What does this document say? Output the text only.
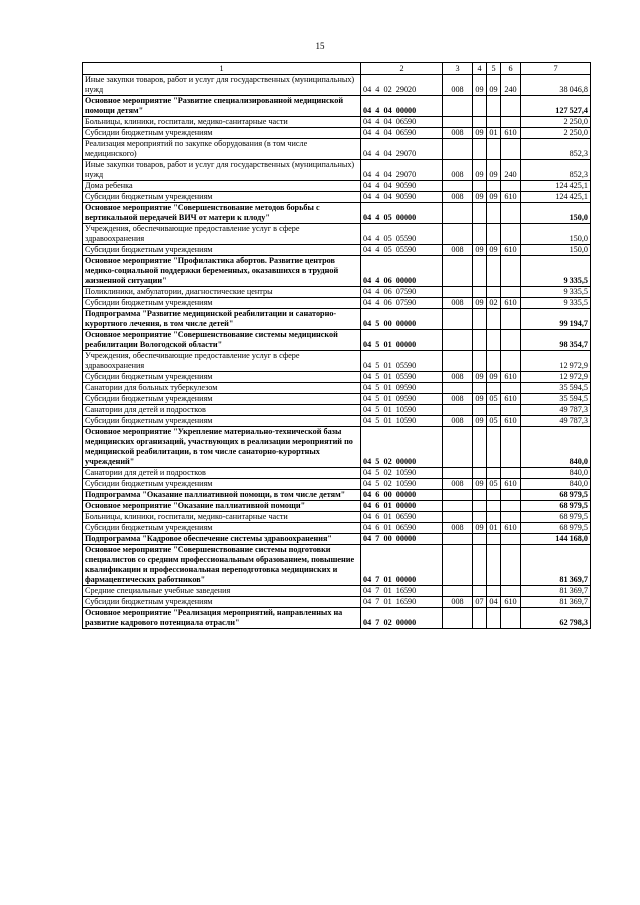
15
1	2	3	4	5	6	7
Иные закупки товаров, работ и услуг для государственных (муниципальных) нужд	04  4  02  29020	008	09	09	240	38 046,8
Основное мероприятие "Развитие специализированной медицинской помощи детям"	04  4  04  00000					127 527,4
Больницы, клиники, госпитали, медико-санитарные части	04  4  04  06590					2 250,0
Субсидии бюджетным учреждениям	04  4  04  06590	008	09	01	610	2 250,0
Реализация мероприятий по закупке оборудования (в том числе медицинского)	04  4  04  29070					852,3
Иные закупки товаров, работ и услуг для государственных (муниципальных) нужд	04  4  04  29070	008	09	09	240	852,3
Дома ребенка	04  4  04  90590					124 425,1
Субсидии бюджетным учреждениям	04  4  04  90590	008	09	09	610	124 425,1
Основное мероприятие "Совершенствование методов борьбы с вертикальной передачей ВИЧ от матери к плоду"	04  4  05  00000					150,0
Учреждения, обеспечивающие предоставление услуг в сфере здравоохранения	04  4  05  05590					150,0
Субсидии бюджетным учреждениям	04  4  05  05590	008	09	09	610	150,0
Основное мероприятие "Профилактика абортов. Развитие центров медико-социальной поддержки беременных, оказавшихся в трудной жизненной ситуации"	04  4  06  00000					9 335,5
Поликлиники, амбулатории, диагностические центры	04  4  06  07590					9 335,5
Субсидии бюджетным учреждениям	04  4  06  07590	008	09	02	610	9 335,5
Подпрограмма "Развитие медицинской реабилитации и санаторно-курортного лечения, в том числе детей"	04  5  00  00000					99 194,7
Основное мероприятие "Совершенствование системы медицинской реабилитации Вологодской области"	04  5  01  00000					98 354,7
Учреждения, обеспечивающие предоставление услуг в сфере здравоохранения	04  5  01  05590					12 972,9
Субсидии бюджетным учреждениям	04  5  01  05590	008	09	09	610	12 972,9
Санатории для больных туберкулезом	04  5  01  09590					35 594,5
Субсидии бюджетным учреждениям	04  5  01  09590	008	09	05	610	35 594,5
Санатории для детей и подростков	04  5  01  10590					49 787,3
Субсидии бюджетным учреждениям	04  5  01  10590	008	09	05	610	49 787,3
Основное мероприятие "Укрепление материально-технической базы медицинских организаций, участвующих в реализации мероприятий по медицинской реабилитации, в том числе санаторно-курортных учреждений"	04  5  02  00000					840,0
Санатории для детей и подростков	04  5  02  10590					840,0
Субсидии бюджетным учреждениям	04  5  02  10590	008	09	05	610	840,0
Подпрограмма "Оказание паллиативной помощи, в том числе детям"	04  6  00  00000					68 979,5
Основное мероприятие "Оказание паллиативной помощи"	04  6  01  00000					68 979,5
Больницы, клиники, госпитали, медико-санитарные части	04  6  01  06590					68 979,5
Субсидии бюджетным учреждениям	04  6  01  06590	008	09	01	610	68 979,5
Подпрограмма "Кадровое обеспечение системы здравоохранения"	04  7  00  00000					144 168,0
Основное мероприятие "Совершенствование системы подготовки специалистов со средним профессиональным образованием, повышение квалификации и профессиональная переподготовка медицинских и фармацевтических работников"	04  7  01  00000					81 369,7
Средние специальные учебные заведения	04  7  01  16590					81 369,7
Субсидии бюджетным учреждениям	04  7  01  16590	008	07	04	610	81 369,7
Основное мероприятие "Реализация мероприятий, направленных на развитие кадрового потенциала отрасли"	04  7  02  00000					62 798,3
